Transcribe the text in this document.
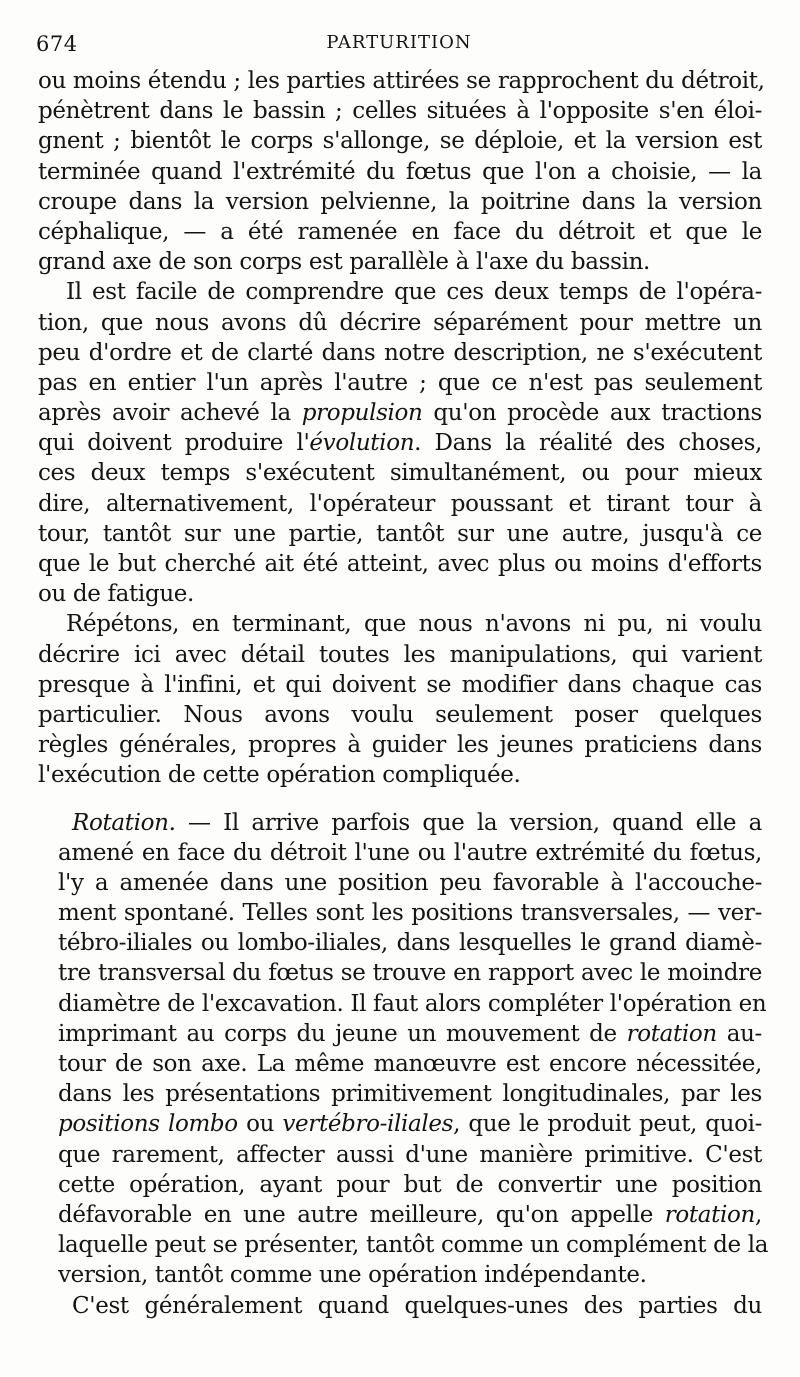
674	PARTURITION
ou moins étendu ; les parties attirées se rapprochent du détroit,
pénètrent dans le bassin ; celles situées à l'opposite s'en éloi-
gnent ; bientôt le corps s'allonge, se déploie, et la version est
terminée quand l'extrémité du fœtus que l'on a choisie, — la
croupe dans la version pelvienne, la poitrine dans la version
céphalique, — a été ramenée en face du détroit et que le
grand axe de son corps est parallèle à l'axe du bassin.
Il est facile de comprendre que ces deux temps de l'opéra-
tion, que nous avons dû décrire séparément pour mettre un
peu d'ordre et de clarté dans notre description, ne s'exécutent
pas en entier l'un après l'autre ; que ce n'est pas seulement
après avoir achevé la propulsion qu'on procède aux tractions
qui doivent produire l'évolution. Dans la réalité des choses,
ces deux temps s'exécutent simultanément, ou pour mieux
dire, alternativement, l'opérateur poussant et tirant tour à
tour, tantôt sur une partie, tantôt sur une autre, jusqu'à ce
que le but cherché ait été atteint, avec plus ou moins d'efforts
ou de fatigue.
Répétons, en terminant, que nous n'avons ni pu, ni voulu
décrire ici avec détail toutes les manipulations, qui varient
presque à l'infini, et qui doivent se modifier dans chaque cas
particulier. Nous avons voulu seulement poser quelques
règles générales, propres à guider les jeunes praticiens dans
l'exécution de cette opération compliquée.
Rotation. — Il arrive parfois que la version, quand elle a
amené en face du détroit l'une ou l'autre extrémité du fœtus,
l'y a amenée dans une position peu favorable à l'accouche-
ment spontané. Telles sont les positions transversales, — ver-
tébro-iliales ou lombo-iliales, dans lesquelles le grand diamè-
tre transversal du fœtus se trouve en rapport avec le moindre
diamètre de l'excavation. Il faut alors compléter l'opération en
imprimant au corps du jeune un mouvement de rotation au-
tour de son axe. La même manœuvre est encore nécessitée,
dans les présentations primitivement longitudinales, par les
positions lombo ou vertébro-iliales, que le produit peut, quoi-
que rarement, affecter aussi d'une manière primitive. C'est
cette opération, ayant pour but de convertir une position
défavorable en une autre meilleure, qu'on appelle rotation,
laquelle peut se présenter, tantôt comme un complément de la
version, tantôt comme une opération indépendante.
C'est généralement quand quelques-unes des parties du
